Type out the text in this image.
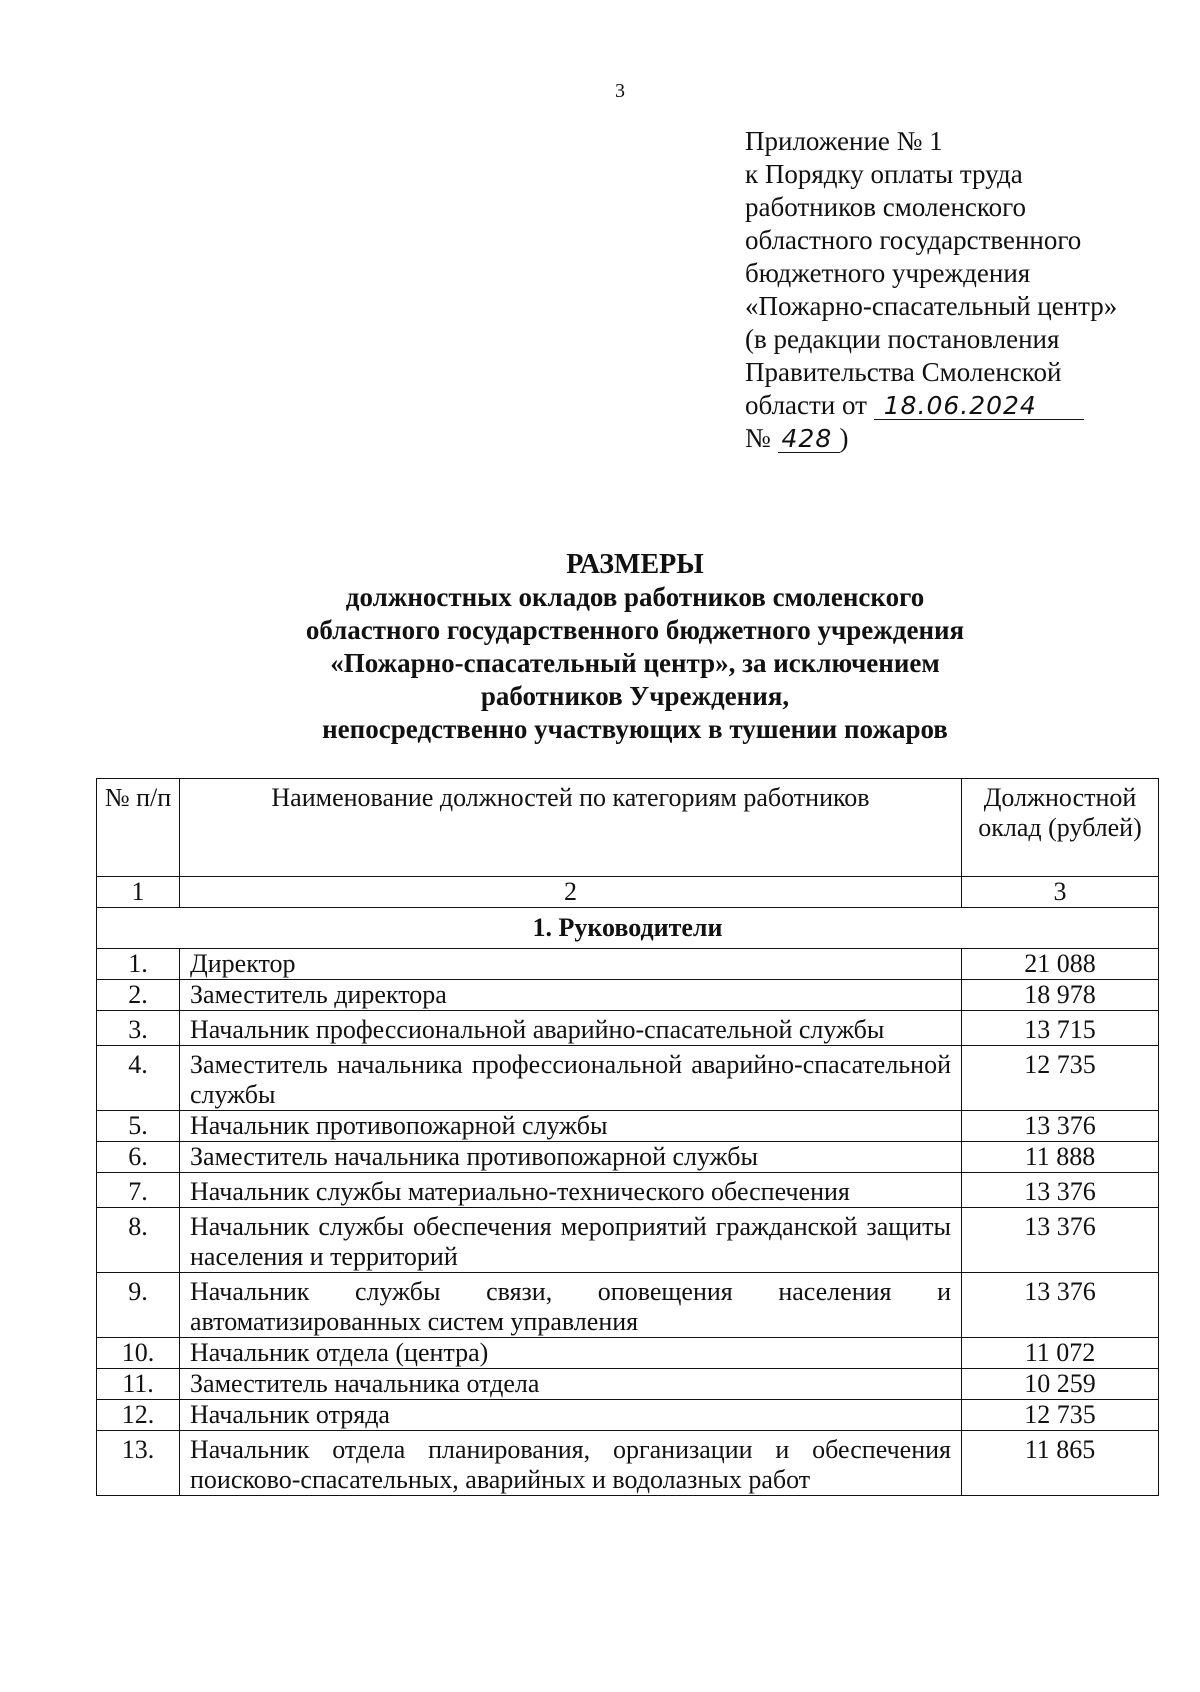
3
Приложение № 1
к Порядку оплаты труда
работников смоленского
областного государственного
бюджетного учреждения
«Пожарно-спасательный центр»
(в редакции постановления
Правительства Смоленской
области от 18.06.2024
№ 428 )
РАЗМЕРЫ
должностных окладов работников смоленского
областного государственного бюджетного учреждения
«Пожарно-спасательный центр», за исключением
работников Учреждения,
непосредственно участвующих в тушении пожаров
№ п/п	Наименование должностей по категориям работников	Должностной оклад (рублей)
1	2	3
1. Руководители		
1.	Директор	21 088
2.	Заместитель директора	18 978
3.	Начальник профессиональной аварийно-спасательной службы	13 715
4.	Заместитель начальника профессиональной аварийно-спасательной службы	12 735
5.	Начальник противопожарной службы	13 376
6.	Заместитель начальника противопожарной службы	11 888
7.	Начальник службы материально-технического обеспечения	13 376
8.	Начальник службы обеспечения мероприятий гражданской защиты населения и территорий	13 376
9.	Начальник службы связи, оповещения населения и автоматизированных систем управления	13 376
10.	Начальник отдела (центра)	11 072
11.	Заместитель начальника отдела	10 259
12.	Начальник отряда	12 735
13.	Начальник отдела планирования, организации и обеспечения поисково-спасательных, аварийных и водолазных работ	11 865
